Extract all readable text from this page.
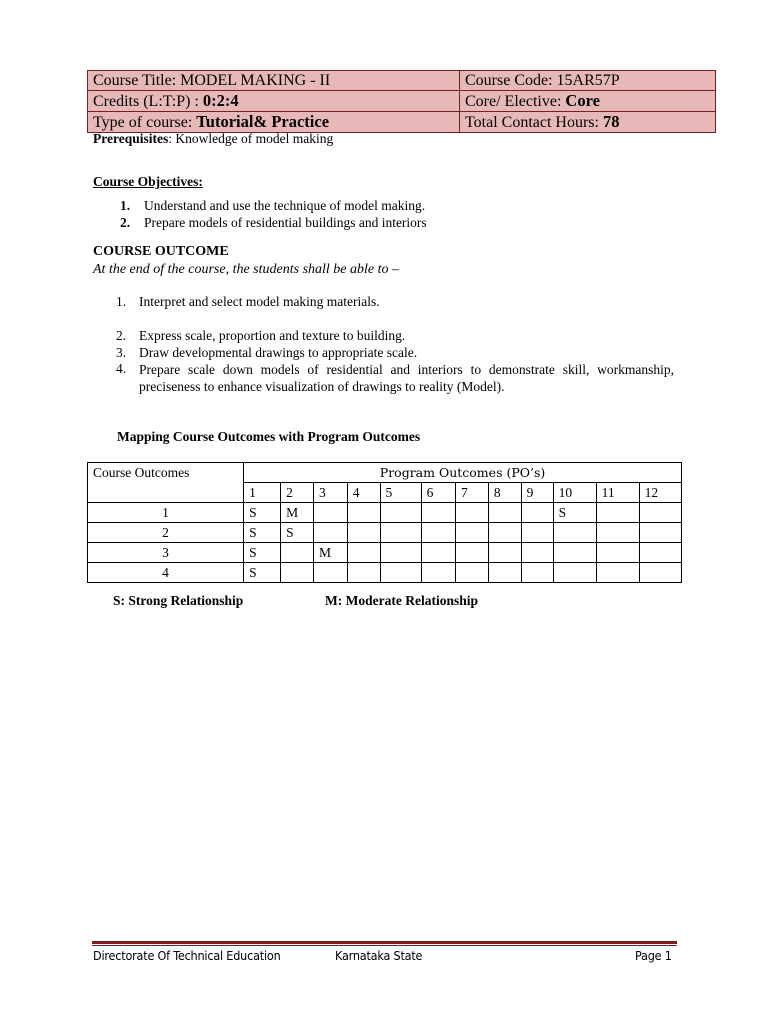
Course Title: MODEL MAKING - II	Course Code: 15AR57P
Credits (L:T:P) : 0:2:4	Core/ Elective: Core
Type of course: Tutorial& Practice	Total Contact Hours: 78
Prerequisites: Knowledge of model making
Course Objectives:
1. Understand and use the technique of model making.
2. Prepare models of residential buildings and interiors
COURSE OUTCOME
At the end of the course, the students shall be able to –
1. Interpret and select model making materials.
2. Express scale, proportion and texture to building.
3. Draw developmental drawings to appropriate scale.
4. Prepare scale down models of residential and interiors to demonstrate skill, workmanship, preciseness to enhance visualization of drawings to reality (Model).
Mapping Course Outcomes with Program Outcomes
Course Outcomes	Program Outcomes (PO’s)											
	1	2	3	4	5	6	7	8	9	10	11	12
1	S	M								S		
2	S	S										
3	S		M									
4	S											
S: Strong Relationship	M: Moderate Relationship
Directorate Of Technical Education	Karnataka State	Page 1
